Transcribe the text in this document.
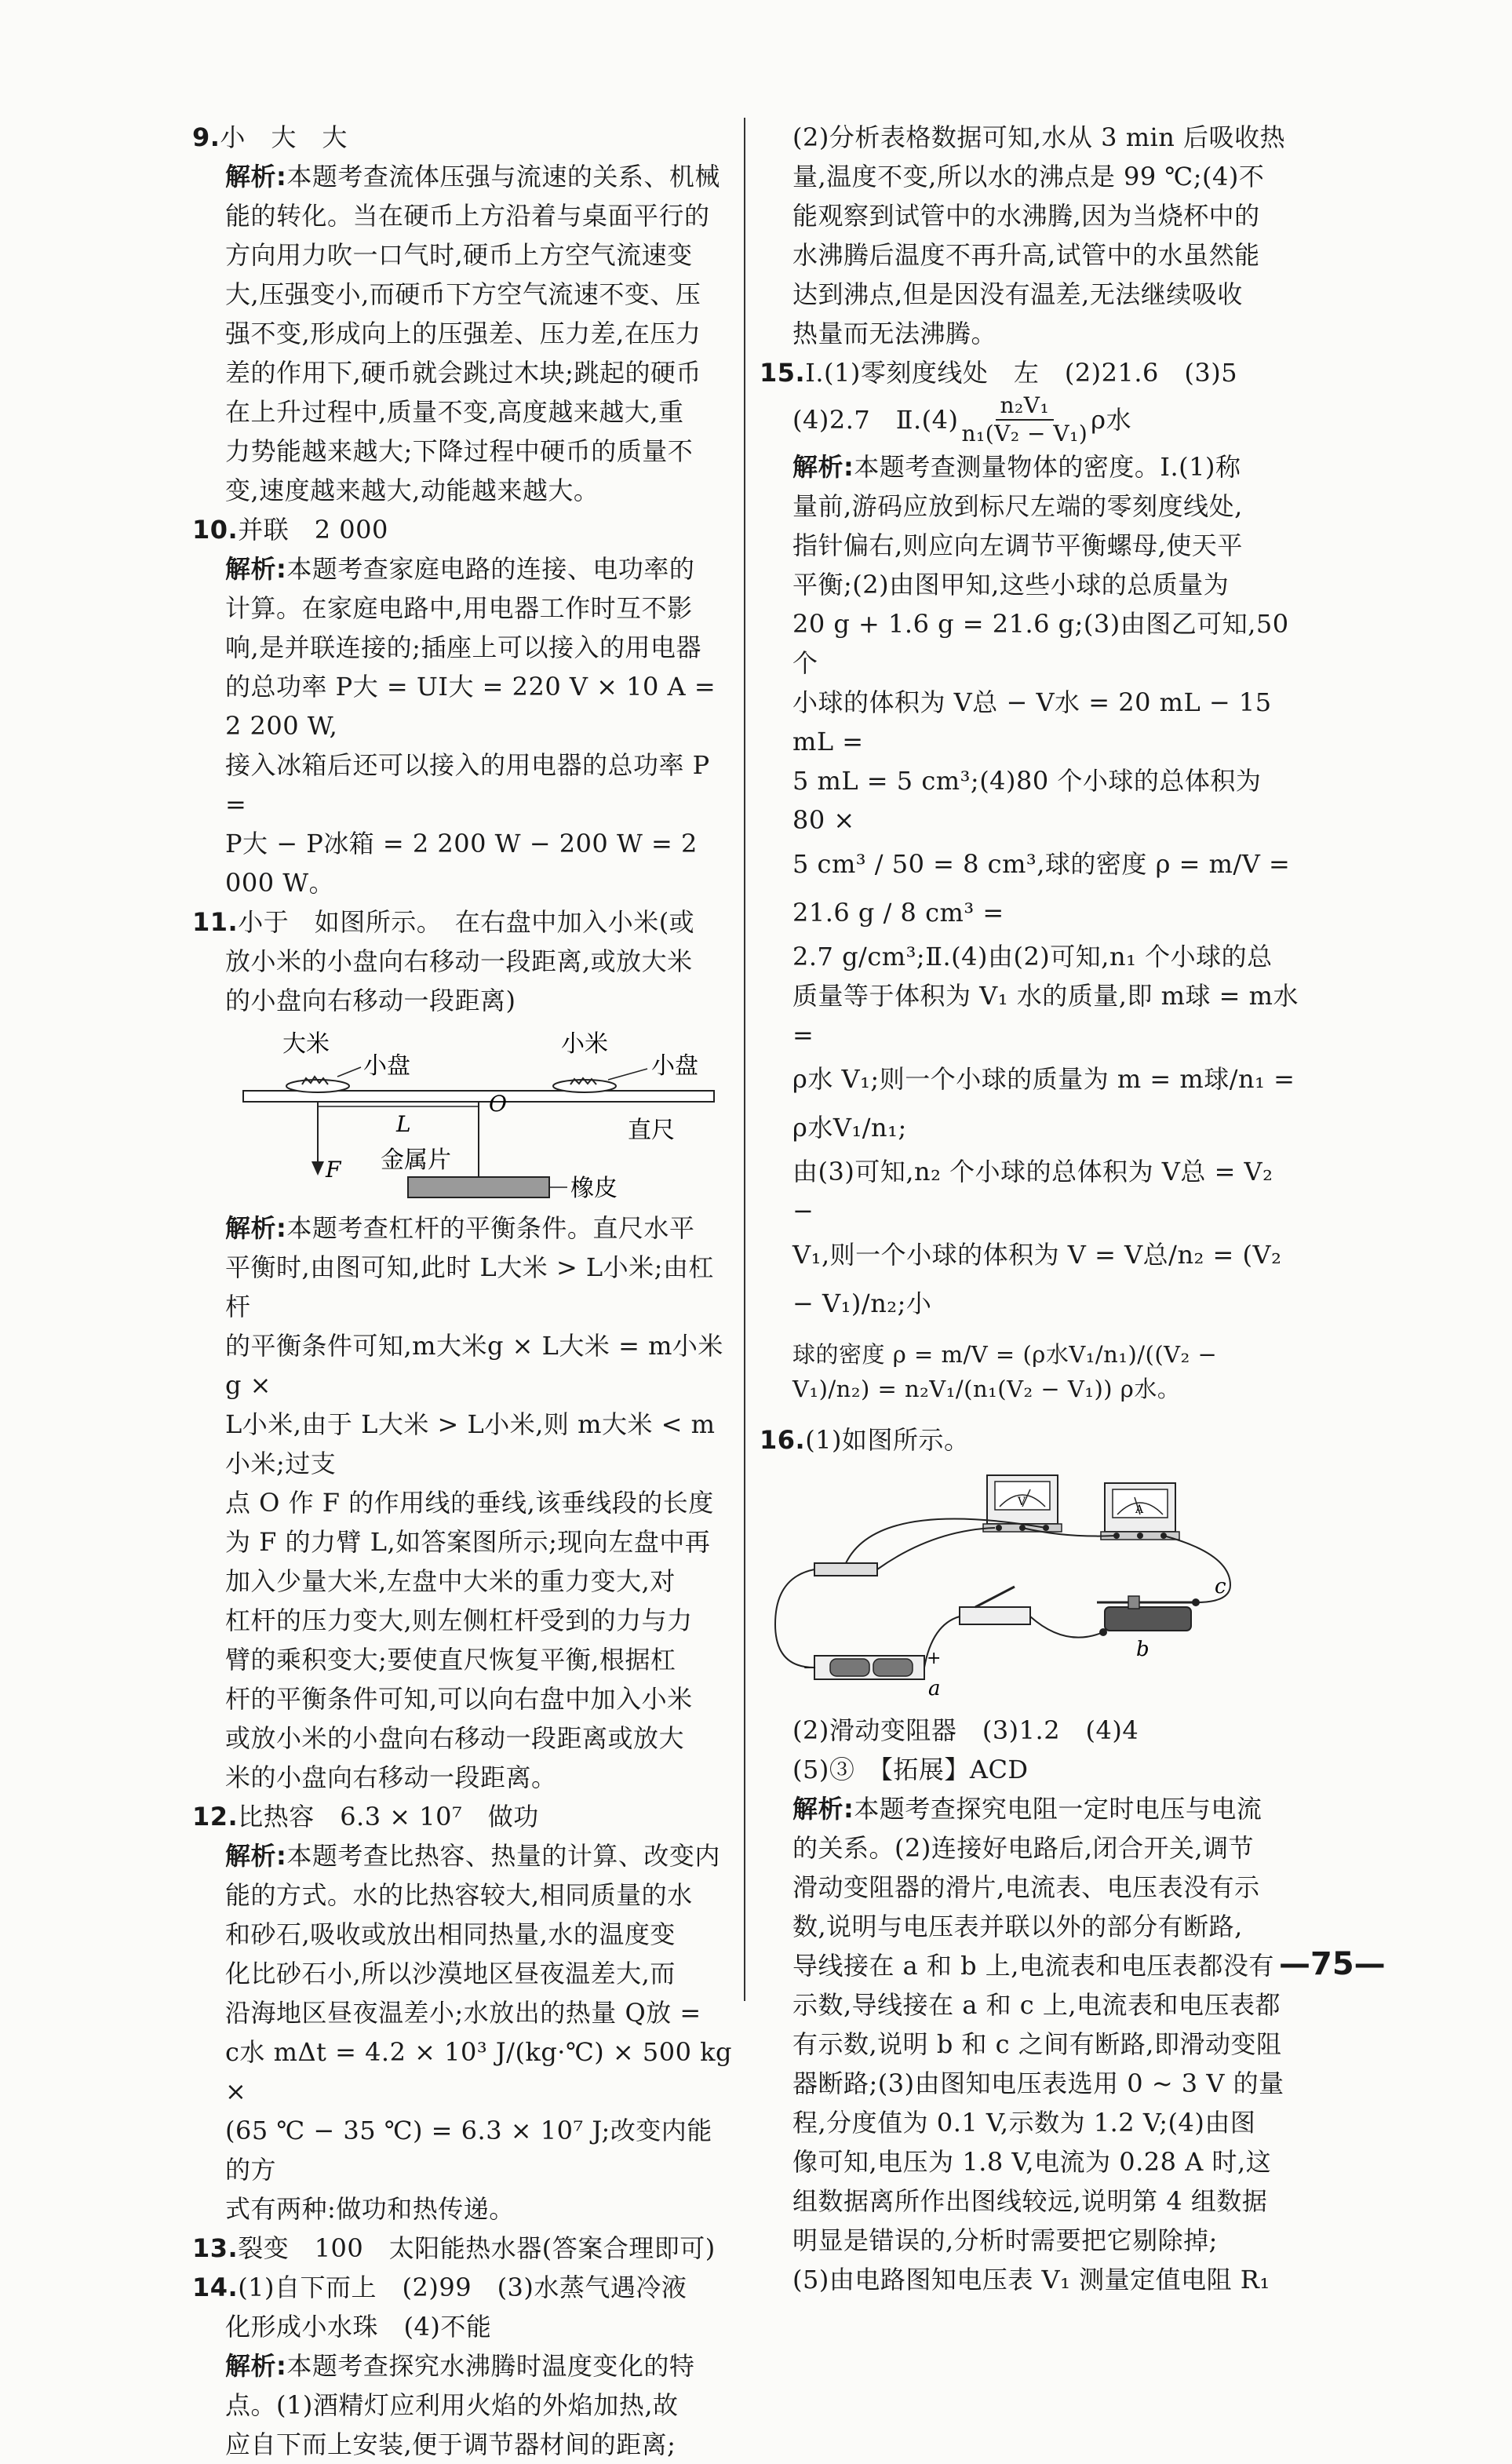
9.小　大　大

解析:本题考查流体压强与流速的关系、机械

能的转化。当在硬币上方沿着与桌面平行的

方向用力吹一口气时,硬币上方空气流速变

大,压强变小,而硬币下方空气流速不变、压

强不变,形成向上的压强差、压力差,在压力

差的作用下,硬币就会跳过木块;跳起的硬币

在上升过程中,质量不变,高度越来越大,重

力势能越来越大;下降过程中硬币的质量不

变,速度越来越大,动能越来越大。

10.并联　2 000

解析:本题考查家庭电路的连接、电功率的

计算。在家庭电路中,用电器工作时互不影

响,是并联连接的;插座上可以接入的用电器

的总功率 P大 = UI大 = 220 V × 10 A = 2 200 W,

接入冰箱后还可以接入的用电器的总功率 P =

P大 − P冰箱 = 2 200 W − 200 W = 2 000 W。

11.小于　如图所示。　在右盘中加入小米(或

放小米的小盘向右移动一段距离,或放大米

的小盘向右移动一段距离)

大米
小盘
小米
小盘
F
L
O
直尺
金属片
橡皮

解析:本题考查杠杆的平衡条件。直尺水平

平衡时,由图可知,此时 L大米 > L小米;由杠杆

的平衡条件可知,m大米g × L大米 = m小米g ×

L小米,由于 L大米 > L小米,则 m大米 < m小米;过支

点 O 作 F 的作用线的垂线,该垂线段的长度

为 F 的力臂 L,如答案图所示;现向左盘中再

加入少量大米,左盘中大米的重力变大,对

杠杆的压力变大,则左侧杠杆受到的力与力

臂的乘积变大;要使直尺恢复平衡,根据杠

杆的平衡条件可知,可以向右盘中加入小米

或放小米的小盘向右移动一段距离或放大

米的小盘向右移动一段距离。

12.比热容　6.3 × 10⁷　做功

解析:本题考查比热容、热量的计算、改变内

能的方式。水的比热容较大,相同质量的水

和砂石,吸收或放出相同热量,水的温度变

化比砂石小,所以沙漠地区昼夜温差大,而

沿海地区昼夜温差小;水放出的热量 Q放 =

c水 mΔt = 4.2 × 10³ J/(kg·℃) × 500 kg ×

(65 ℃ − 35 ℃) = 6.3 × 10⁷ J;改变内能的方

式有两种:做功和热传递。

13.裂变　100　太阳能热水器(答案合理即可)

14.(1)自下而上　(2)99　(3)水蒸气遇冷液

化形成小水珠　(4)不能

解析:本题考查探究水沸腾时温度变化的特

点。(1)酒精灯应利用火焰的外焰加热,故

应自下而上安装,便于调节器材间的距离;

(2)分析表格数据可知,水从 3 min 后吸收热

量,温度不变,所以水的沸点是 99 ℃;(4)不

能观察到试管中的水沸腾,因为当烧杯中的

水沸腾后温度不再升高,试管中的水虽然能

达到沸点,但是因没有温差,无法继续吸收

热量而无法沸腾。

15.Ⅰ.(1)零刻度线处　左　(2)21.6　(3)5

(4)2.7　Ⅱ.(4) n₂V₁
n₁(V₂ − V₁) ρ水

解析:本题考查测量物体的密度。Ⅰ.(1)称

量前,游码应放到标尺左端的零刻度线处,

指针偏右,则应向左调节平衡螺母,使天平

平衡;(2)由图甲知,这些小球的总质量为

20 g + 1.6 g = 21.6 g;(3)由图乙可知,50 个

小球的体积为 V总 − V水 = 20 mL − 15 mL =

5 mL = 5 cm³;(4)80 个小球的总体积为 80 ×

5 cm³ / 50 = 8 cm³,球的密度 ρ = m/V = 21.6 g / 8 cm³ =

2.7 g/cm³;Ⅱ.(4)由(2)可知,n₁ 个小球的总

质量等于体积为 V₁ 水的质量,即 m球 = m水 =

ρ水 V₁;则一个小球的质量为 m = m球/n₁ = ρ水V₁/n₁;

由(3)可知,n₂ 个小球的总体积为 V总 = V₂ −

V₁,则一个小球的体积为 V = V总/n₂ = (V₂ − V₁)/n₂;小

球的密度 ρ = m/V = (ρ水V₁/n₁)/((V₂ − V₁)/n₂) = n₂V₁/(n₁(V₂ − V₁)) ρ水。

16.(1)如图所示。

V
A
b
c
−	+
a

(2)滑动变阻器　(3)1.2　(4)4

(5)③　【拓展】ACD

解析:本题考查探究电阻一定时电压与电流

的关系。(2)连接好电路后,闭合开关,调节

滑动变阻器的滑片,电流表、电压表没有示

数,说明与电压表并联以外的部分有断路,

导线接在 a 和 b 上,电流表和电压表都没有

示数,导线接在 a 和 c 上,电流表和电压表都

有示数,说明 b 和 c 之间有断路,即滑动变阻

器断路;(3)由图知电压表选用 0 ~ 3 V 的量

程,分度值为 0.1 V,示数为 1.2 V;(4)由图

像可知,电压为 1.8 V,电流为 0.28 A 时,这

组数据离所作出图线较远,说明第 4 组数据

明显是错误的,分析时需要把它剔除掉;

(5)由电路图知电压表 V₁ 测量定值电阻 R₁

—75—
